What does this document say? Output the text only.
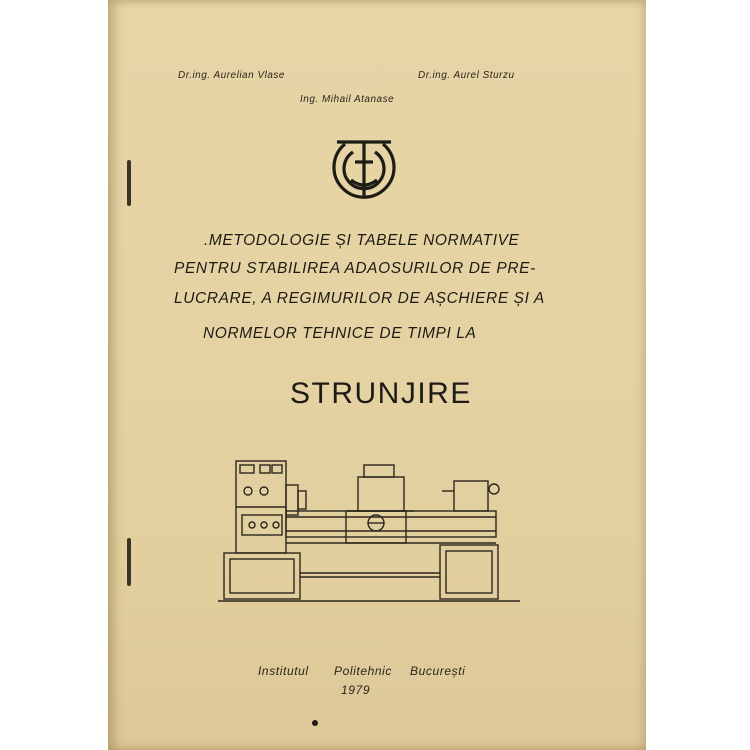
Dr.ing. Aurelian Vlase	Dr.ing. Aurel Sturzu
Ing. Mihail Atanase
.METODOLOGIE ȘI TABELE NORMATIVE
PENTRU STABILIREA ADAOSURILOR DE PRE-
LUCRARE, A REGIMURILOR DE AȘCHIERE ȘI A
NORMELOR TEHNICE DE TIMPI LA
STRUNJIRE
Institutul Politehnic București
1979
